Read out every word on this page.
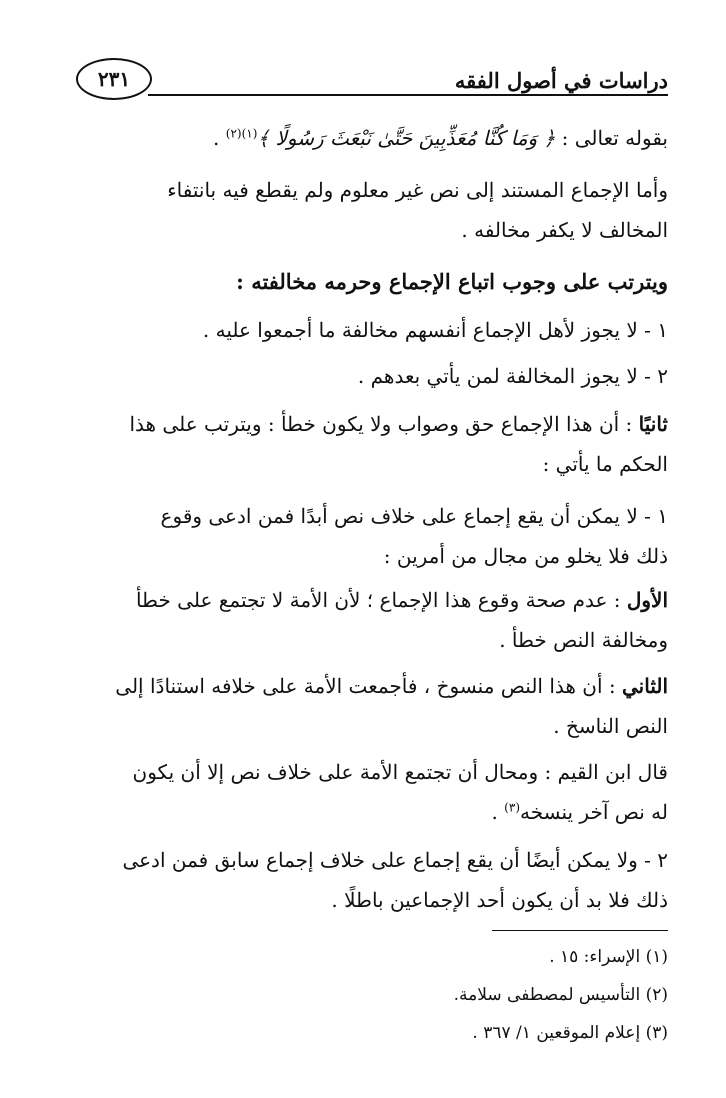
دراسات في أصول الفقه
٢٣١
بقوله تعالى : ﴿ وَمَا كُنَّا مُعَذِّبِينَ حَتَّىٰ نَبْعَثَ رَسُولًا ﴾$^{(١)(٢)}$ .
وأما الإجماع المستند إلى نص غير معلوم ولم يقطع فيه بانتفاء
المخالف لا يكفر مخالفه .
ويترتب على وجوب اتباع الإجماع وحرمه مخالفته :
١ - لا يجوز لأهل الإجماع أنفسهم مخالفة ما أجمعوا عليه .
٢ - لا يجوز المخالفة لمن يأتي بعدهم .
ثانيًا : أن هذا الإجماع حق وصواب ولا يكون خطأ : ويترتب على هذا
الحكم ما يأتي :
١ - لا يمكن أن يقع إجماع على خلاف نص أبدًا فمن ادعى وقوع
ذلك فلا يخلو من مجال من أمرين :
الأول : عدم صحة وقوع هذا الإجماع ؛ لأن الأمة لا تجتمع على خطأ
ومخالفة النص خطأ .
الثاني : أن هذا النص منسوخ ، فأجمعت الأمة على خلافه استنادًا إلى
النص الناسخ .
قال ابن القيم : ومحال أن تجتمع الأمة على خلاف نص إلا أن يكون
له نص آخر ينسخه$^{(٣)}$ .
٢ - ولا يمكن أيضًا أن يقع إجماع على خلاف إجماع سابق فمن ادعى
ذلك فلا بد أن يكون أحد الإجماعين باطلًا .
(١) الإسراء: ١٥ .
(٢) التأسيس لمصطفى سلامة.
(٣) إعلام الموقعين ١/ ٣٦٧ .
